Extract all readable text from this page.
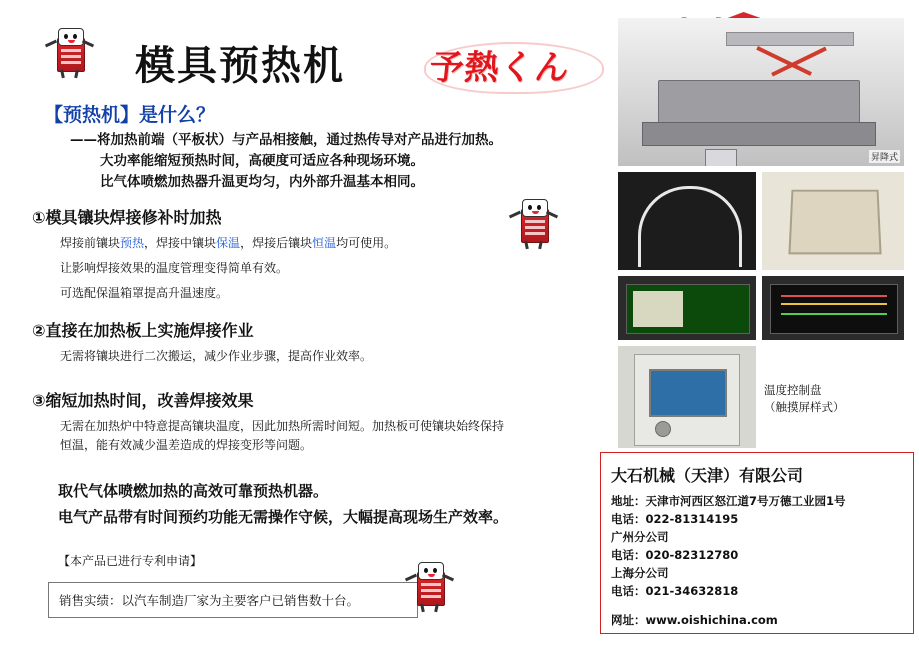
模具预热机 予熱くん
【预热机】是什么？
——将加热前端（平板状）与产品相接触，通过热传导对产品进行加热。
大功率能缩短预热时间，高硬度可适应各种现场环境。
比气体喷燃加热器升温更均匀，内外部升温基本相同。
①模具镶块焊接修补时加热

焊接前镶块预热，焊接中镶块保温，焊接后镶块恒温均可使用。

让影响焊接效果的温度管理变得简单有效。

可选配保温箱罩提高升温速度。

②直接在加热板上实施焊接作业

无需将镶块进行二次搬运，减少作业步骤，提高作业效率。

③缩短加热时间，改善焊接效果

无需在加热炉中特意提高镶块温度，因此加热所需时间短。加热板可使镶块始终保持

恒温，能有效减少温差造成的焊接变形等问题。

取代气体喷燃加热的高效可靠预热机器。
电气产品带有时间预约功能无需操作守候，大幅提高现场生产效率。
【本产品已进行专利申请】
销售实绩：以汽车制造厂家为主要客户已销售数十台。
昇降式
温度控制盘
（触摸屏样式）
大石机械（天津）有限公司
地址：天津市河西区怒江道7号万德工业园1号
电话：022-81314195
广州分公司
电话：020-82312780
上海分公司
电话：021-34632818
网址：www.oishichina.com
